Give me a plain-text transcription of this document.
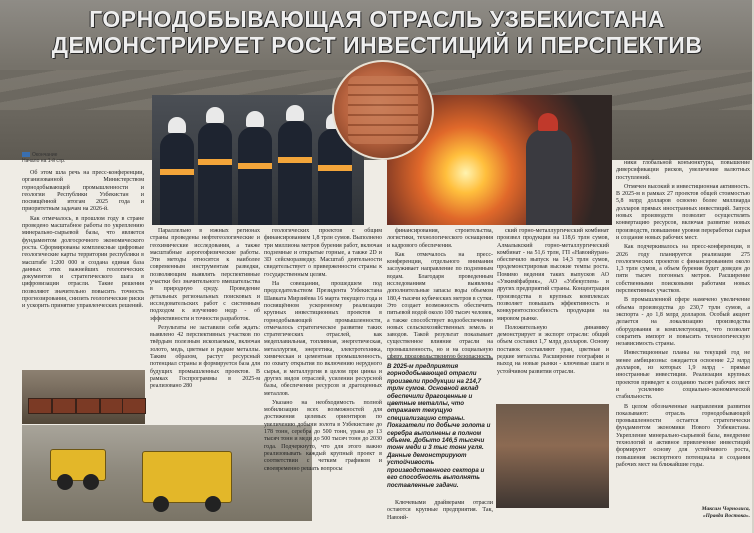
ГОРНОДОБЫВАЮЩАЯ ОТРАСЛЬ УЗБЕКИСТАНА
ДЕМОНСТРИРУЕТ РОСТ ИНВЕСТИЦИЙ И ПЕРСПЕКТИВ
Окончание
Начало на 1-й стр.

Об этом шла речь на пресс-конференции, организованной Министерством горнодобывающей промышленности и геологии Республики Узбекистан и посвящённой итогам 2025 года и приоритетным задачам на 2026-й.

Как отмечалось, в прошлом году в стране проведено масштабное работы по укреплению минерально-сырьевой базы, что является фундаментом долгосрочного экономического роста. Сформированы комплексные цифровые геологические карты территории республики в масштабе 1:200 000 и создана единая база данных этих важнейших геологических документов и стратегического шага в цифровизации отрасли. Такие решения позволяют значительно повысить точность прогнозирования, снизить геологические риски и ускорить принятие управленческих решений.

Параллельно в южных регионах страны проведены нефтегеологические и геохимические исследования, а также масштабные аэрогеофизические работы. Эти методы относятся к наиболее современным инструментам разведки, позволяющим выявлять перспективные участки без значительного вмешательства в природную среду. Проведение детальных региональных поисковых и исследовательских работ с системным подходом к изучению недр - об эффективности и точности разработок.

Результаты не заставили себя ждать: выявлено 42 перспективных участков по твёрдым полезным ископаемым, включая золото, медь, цветные и редкие металлы. Таким образом, растут ресурсный потенциал страны и формируется база для будущих промышленных проектов. В рамках Госпрограммы в 2025-м реализовано 280

геологических проектов с общим финансированием 1,8 трлн сумов. Выполнено три миллиона метров бурения работ, включая подземные и открытые горные, а также 2D и 3D сейсморазведку. Масштаб деятельности свидетельствует о приверженности страны к государственным целям.

На совещании, прошедшем под председательством Президента Узбекистана Шавката Мирзиёева 16 марта текущего года и посвящённом ускоренному реализации крупных инвестиционных проектов в горнодобывающей промышленности, отмечалось стратегическое развитие таких стратегических отраслей, как медеплавильная, топливная, энергетическая, металлургия, энергетика, электротехника, химическая и цементная промышленность, по охвату открытия по включению нерудного сырья, и металлургия в целом при цинка и других видов отраслей, усилении ресурсной базы, обеспечения ресурсов и драгоценных металлов.

Указано на необходимость полной мобилизации всех возможностей для достижения целевых ориентиров по увеличению добычи золота в Узбекистане до 178 тонн, серебра до 500 тонн, урана до 13 тысяч тонн и меди до 500 тысяч тонн до 2030 года. Подчеркнуто, что для этого важно реализовывать каждый крупный проект в соответствии с четким графиком и своевременно решать вопросы

финансирования, строительства, логистики, технологического оснащения и кадрового обеспечения.

Как отмечалось на пресс-конференции, отдельного внимания заслуживает направление по подземным водам. Благодаря проведенным исследованиям выявлены дополнительные запасы воды объемом 180,4 тысячи кубических метров в сутки. Это создает возможность обеспечить питьевой водой около 100 тысяч человек, а также способствует водообеспечению новых сельскохозяйственных земель и заводов. Такой результат показывает существенное влияние отрасли на промышленность, но и на социальную сферу, продовольственную безопасность.

В 2025-м предприятия горнодобывающей отрасли произвели продукции на 214,7 трлн сумов. Основной вклад обеспечили драгоценные и цветные металлы, что отражает текущую специализацию страны. Показатели по добыче золота и серебра выполнены в полном объеме. Добыто 146,5 тысячи тонн меди и 3 тыс тонн угля. Данные демонстрируют устойчивость производственного сектора и его способность выполнять поставленные задачи.

Ключевыми драйверами отрасли остаются крупные предприятия. Так, Навоий-

ский горно-металлургический комбинат произвел продукции на 118,6 трлн сумов, Алмалыкский горно-металлургический комбинат - на 51,6 трлн, ГП «Навоийуран» обеспечило выпуск на 14,3 трлн сумов, продемонстрировав высокие темпы роста. Помимо ведения таких выпусков АО «Узкимёфабрик», АО «Узбекуглем» и других предприятий страны. Концентрация производства в крупных комплексах позволяет повышать эффективность и конкурентоспособность продукции на мировом рынке.

Положительную динамику демонстрирует и экспорт отрасли: общий объем составил 1,7 млрд долларов. Основу поставок составляют уран, цветные и редкие металлы. Расширение географии и выход на новые рынки - ключевые шаги в устойчивом развитии отрасли.

ники глобальной конъюнктуры, повышение диверсификации рисков, увеличение валютных поступлений.

Отмечен высокий и инвестиционная активность. В 2025-м в рамках 27 проектов общей стоимостью 5,8 млрд долларов освоено более миллиарда долларов прямых иностранных инвестиций. Запуск новых производств позволит осуществлять конвертацию ресурсов, включая развитие новых производств, повышение уровня переработки сырья и создание новых рабочих мест.

Как подчеркивалось на пресс-конференции, в 2026 году планируется реализация 275 геологических проектов с финансированием около 1,3 трлн сумов, а объем бурения будет доведен до пяти тысяч погонных метров. Расширение собственными поисковыми работами новых перспективных участков.

В промышленной сфере намечено увеличение объема производства до 230,7 трлн сумов, а экспорта - до 1,8 млрд долларов. Особый акцент делается на локализацию производства оборудования и комплектующих, что позволит сократить импорт и повысить технологическую независимость страны.

Инвестиционные планы на текущий год не менее амбициозны: ожидается освоение 2,2 млрд долларов, из которых 1,9 млрд - прямые иностранные инвестиции. Реализация крупных проектов приведет к созданию тысяч рабочих мест и усилению социально-экономической стабильности.

В целом обозначенные направления развития показывают: отрасль горнодобывающей промышленности остается стратегически фундаментом экономики Нового Узбекистана. Укрепление минерально-сырьевой базы, внедрение технологий и активное привлечение инвестиций формируют основу для устойчивого роста, повышения экспортного потенциала и создания рабочих мест на ближайшие годы.

Максим Чорнолиса,
«Правда Востока».
